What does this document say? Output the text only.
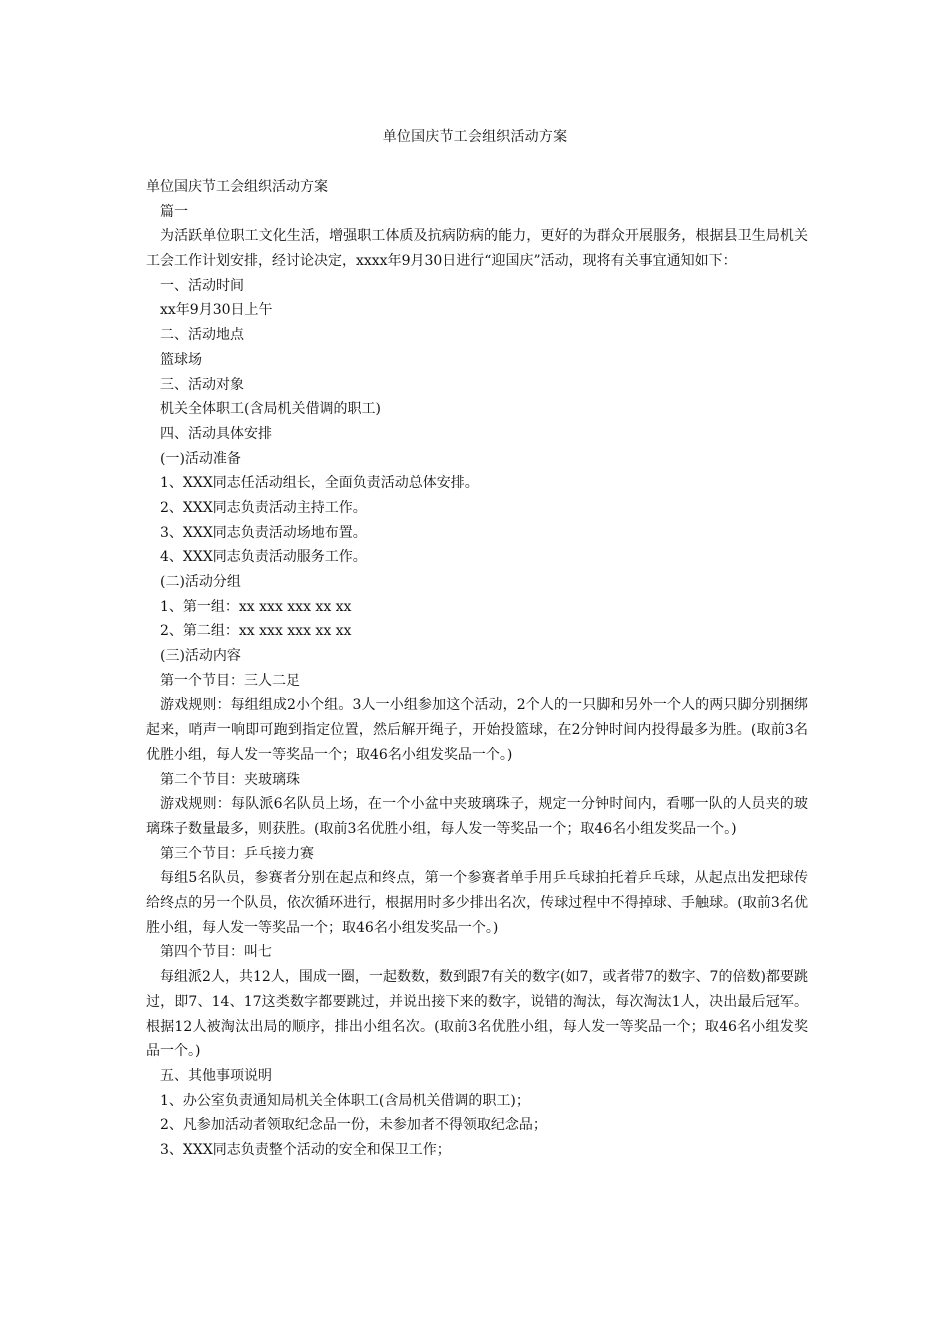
单位国庆节工会组织活动方案
单位国庆节工会组织活动方案
篇一
为活跃单位职工文化生活，增强职工体质及抗病防病的能力，更好的为群众开展服务，根据县卫生局机关工会工作计划安排，经讨论决定，xxxx年9月30日进行“迎国庆”活动，现将有关事宜通知如下：
一、活动时间
xx年9月30日上午
二、活动地点
篮球场
三、活动对象
机关全体职工(含局机关借调的职工)
四、活动具体安排
(一)活动准备
1、XXX同志任活动组长，全面负责活动总体安排。
2、XXX同志负责活动主持工作。
3、XXX同志负责活动场地布置。
4、XXX同志负责活动服务工作。
(二)活动分组
1、第一组：xx xxx xxx xx xx
2、第二组：xx xxx xxx xx xx
(三)活动内容
第一个节目：三人二足
游戏规则：每组组成2小个组。3人一小组参加这个活动，2个人的一只脚和另外一个人的两只脚分别捆绑起来，哨声一响即可跑到指定位置，然后解开绳子，开始投篮球，在2分钟时间内投得最多为胜。(取前3名优胜小组，每人发一等奖品一个；取46名小组发奖品一个。)
第二个节目：夹玻璃珠
游戏规则：每队派6名队员上场，在一个小盆中夹玻璃珠子，规定一分钟时间内，看哪一队的人员夹的玻璃珠子数量最多，则获胜。(取前3名优胜小组，每人发一等奖品一个；取46名小组发奖品一个。)
第三个节目：乒乓接力赛
每组5名队员，参赛者分别在起点和终点，第一个参赛者单手用乒乓球拍托着乒乓球，从起点出发把球传给终点的另一个队员，依次循环进行，根据用时多少排出名次，传球过程中不得掉球、手触球。(取前3名优胜小组，每人发一等奖品一个；取46名小组发奖品一个。)
第四个节目：叫七
每组派2人，共12人，围成一圈，一起数数，数到跟7有关的数字(如7，或者带7的数字、7的倍数)都要跳过，即7、14、17这类数字都要跳过，并说出接下来的数字，说错的淘汰，每次淘汰1人，决出最后冠军。根据12人被淘汰出局的顺序，排出小组名次。(取前3名优胜小组，每人发一等奖品一个；取46名小组发奖品一个。)
五、其他事项说明
1、办公室负责通知局机关全体职工(含局机关借调的职工)；
2、凡参加活动者领取纪念品一份，未参加者不得领取纪念品；
3、XXX同志负责整个活动的安全和保卫工作；
